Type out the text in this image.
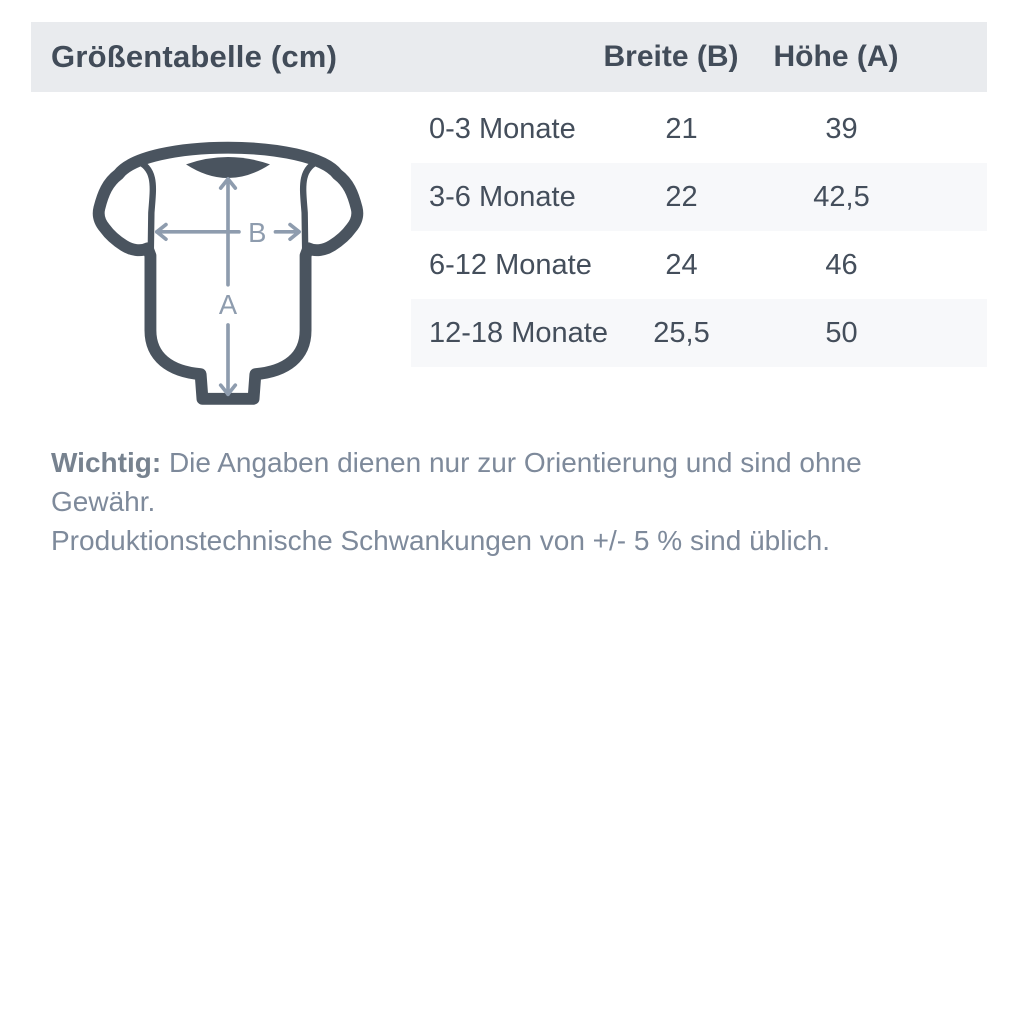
Größentabelle (cm)	Breite (B)	Höhe (A)
0-3 Monate	21	39
3-6 Monate	22	42,5
6-12 Monate	24	46
12-18 Monate	25,5	50
A
B
Wichtig: Die Angaben dienen nur zur Orientierung und sind ohne Gewähr.
Produktionstechnische Schwankungen von +/- 5 % sind üblich.
